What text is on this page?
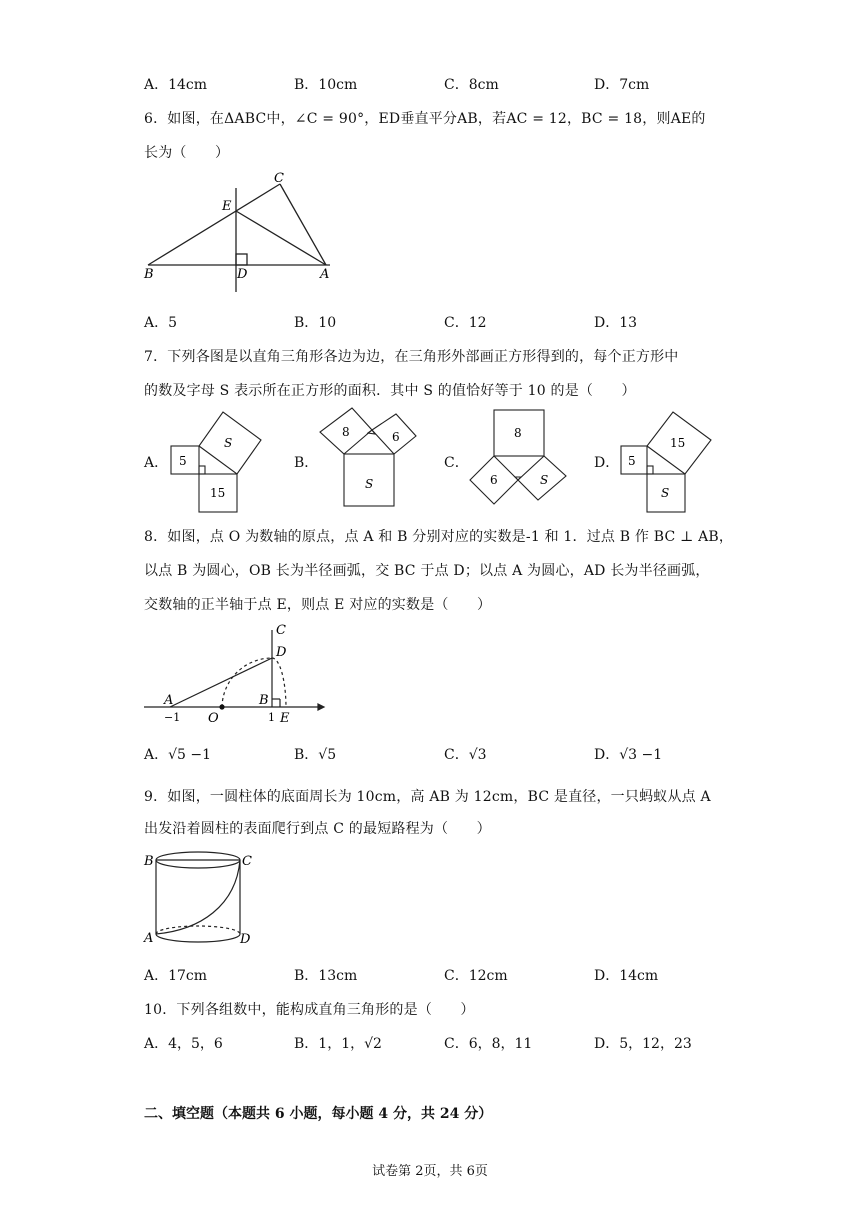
A．14cm	B．10cm	C．8cm	D．7cm
6．如图，在ΔABC中，∠C = 90°，ED垂直平分AB，若AC = 12，BC = 18，则AE的
长为（　　）
C
E
B	D	A
A．5	B．10	C．12	D．13
7．下列各图是以直角三角形各边为边，在三角形外部画正方形得到的，每个正方形中
的数及字母 S 表示所在正方形的面积．其中 S 的值恰好等于 10 的是（　　）
A． 5
S
15
B．
8	6
S
C．
8
6	S
D． 5
15
S
8．如图，点 O 为数轴的原点，点 A 和 B 分别对应的实数是-1 和 1．过点 B 作 BC ⊥ AB，
以点 B 为圆心，OB 长为半径画弧，交 BC 于点 D；以点 A 为圆心，AD 长为半径画弧，
交数轴的正半轴于点 E，则点 E 对应的实数是（　　）
C
D
A	B
−1 O	1 E
A．√5 −1	B．√5	C．√3	D．√3 −1
9．如图，一圆柱体的底面周长为 10cm，高 AB 为 12cm，BC 是直径，一只蚂蚁从点 A
出发沿着圆柱的表面爬行到点 C 的最短路程为（　　）
B	C
A	D
A．17cm	B．13cm	C．12cm	D．14cm
10．下列各组数中，能构成直角三角形的是（　　）
A．4，5，6	B．1，1，√2	C．6，8，11	D．5，12，23
二、填空题（本题共 6 小题，每小题 4 分，共 24 分）
试卷第 2页，共 6页
